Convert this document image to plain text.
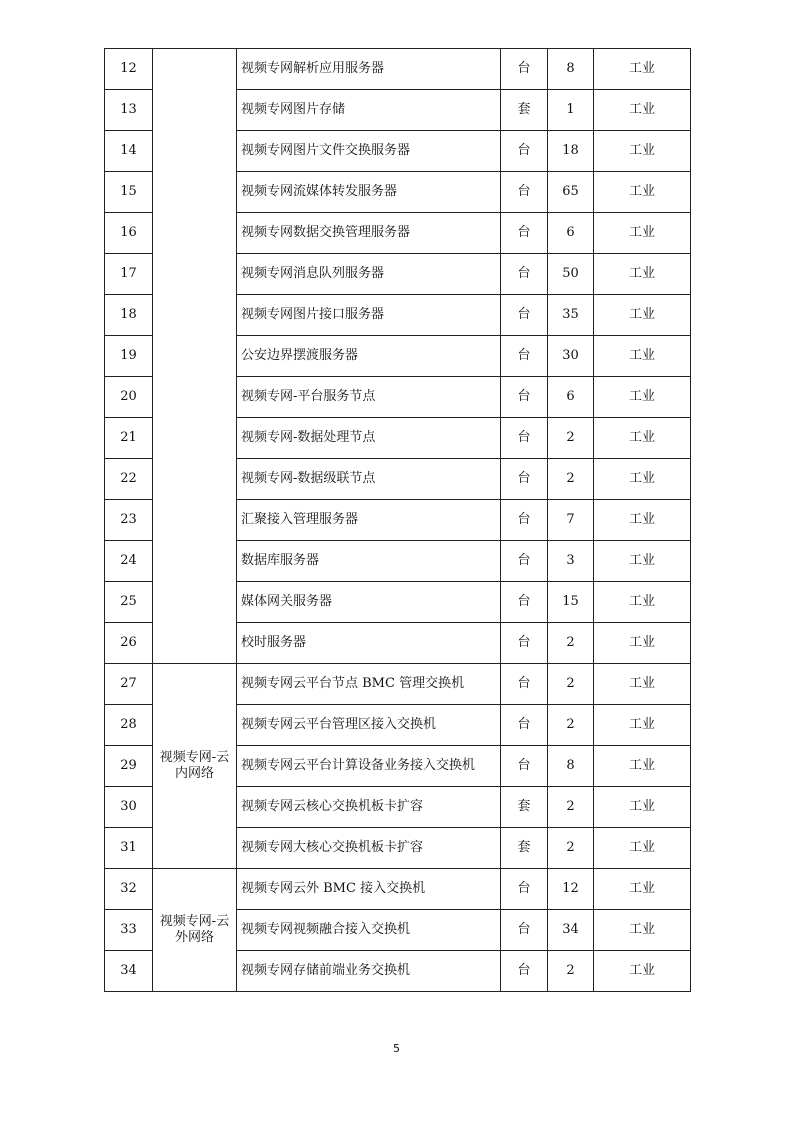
12		视频专网解析应用服务器	台	8	工业
13		视频专网图片存储	套	1	工业
14		视频专网图片文件交换服务器	台	18	工业
15		视频专网流媒体转发服务器	台	65	工业
16		视频专网数据交换管理服务器	台	6	工业
17		视频专网消息队列服务器	台	50	工业
18		视频专网图片接口服务器	台	35	工业
19		公安边界摆渡服务器	台	30	工业
20		视频专网-平台服务节点	台	6	工业
21		视频专网-数据处理节点	台	2	工业
22		视频专网-数据级联节点	台	2	工业
23		汇聚接入管理服务器	台	7	工业
24		数据库服务器	台	3	工业
25		媒体网关服务器	台	15	工业
26		校时服务器	台	2	工业
27	视频专网-云内网络	视频专网云平台节点 BMC 管理交换机	台	2	工业
28		视频专网云平台管理区接入交换机	台	2	工业
29		视频专网云平台计算设备业务接入交换机	台	8	工业
30		视频专网云核心交换机板卡扩容	套	2	工业
31		视频专网大核心交换机板卡扩容	套	2	工业
32	视频专网-云外网络	视频专网云外 BMC 接入交换机	台	12	工业
33		视频专网视频融合接入交换机	台	34	工业
34		视频专网存储前端业务交换机	台	2	工业
5
